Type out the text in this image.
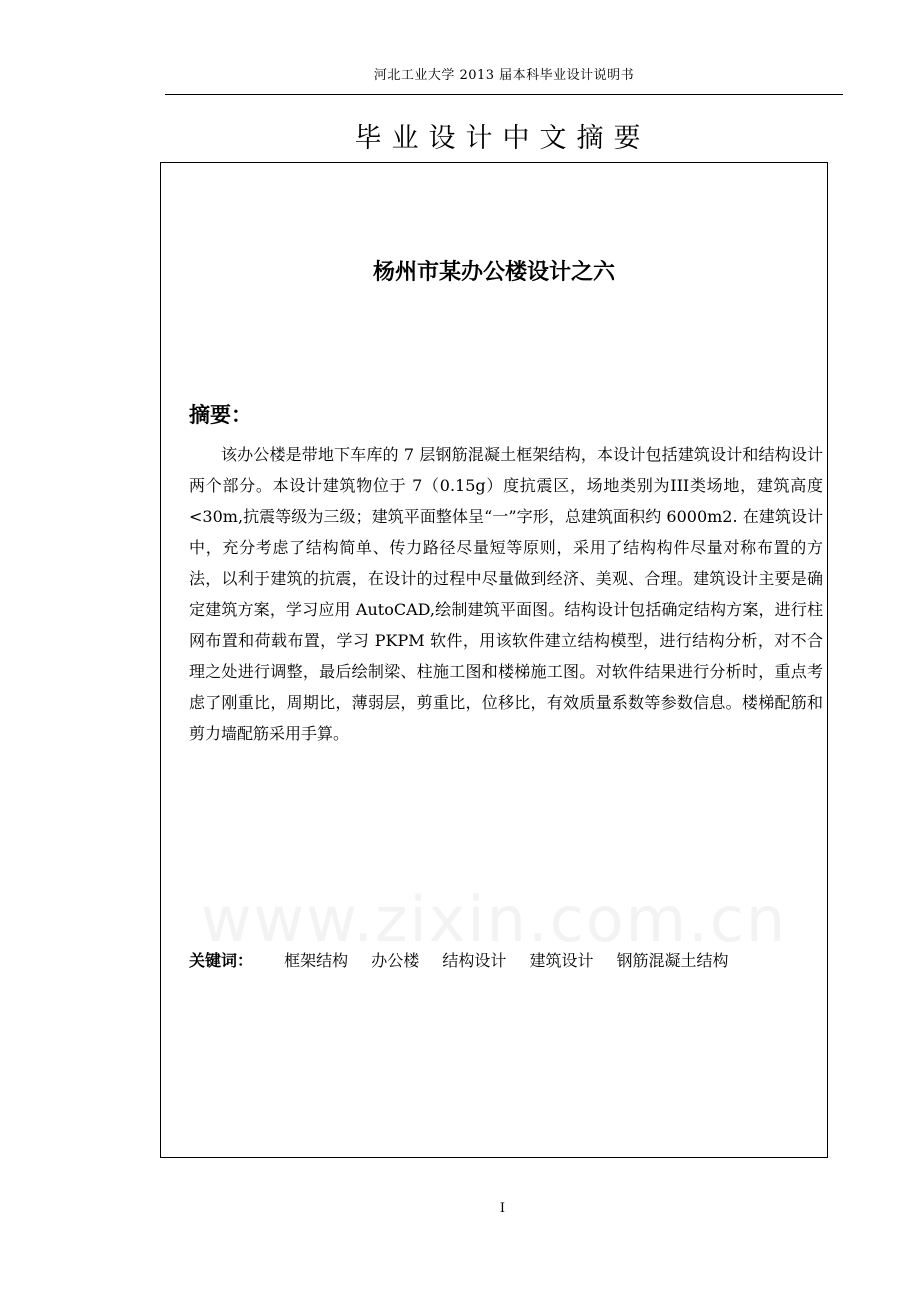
河北工业大学 2013 届本科毕业设计说明书
毕业设计中文摘要
杨州市某办公楼设计之六
摘要：

该办公楼是带地下车库的 7 层钢筋混凝土框架结构，本设计包括建筑设计和结构设计两个部分。本设计建筑物位于 7（0.15g）度抗震区，场地类别为III类场地，建筑高度<30m,抗震等级为三级；建筑平面整体呈“一”字形，总建筑面积约 6000m2. 在建筑设计中，充分考虑了结构简单、传力路径尽量短等原则，采用了结构构件尽量对称布置的方法，以利于建筑的抗震，在设计的过程中尽量做到经济、美观、合理。建筑设计主要是确定建筑方案，学习应用 AutoCAD,绘制建筑平面图。结构设计包括确定结构方案，进行柱网布置和荷载布置，学习 PKPM 软件，用该软件建立结构模型，进行结构分析，对不合理之处进行调整，最后绘制梁、柱施工图和楼梯施工图。对软件结果进行分析时，重点考虑了刚重比，周期比，薄弱层，剪重比，位移比，有效质量系数等参数信息。楼梯配筋和剪力墙配筋采用手算。

www.zixin.com.cn
关键词： 框架结构 办公楼 结构设计 建筑设计 钢筋混凝土结构
I
